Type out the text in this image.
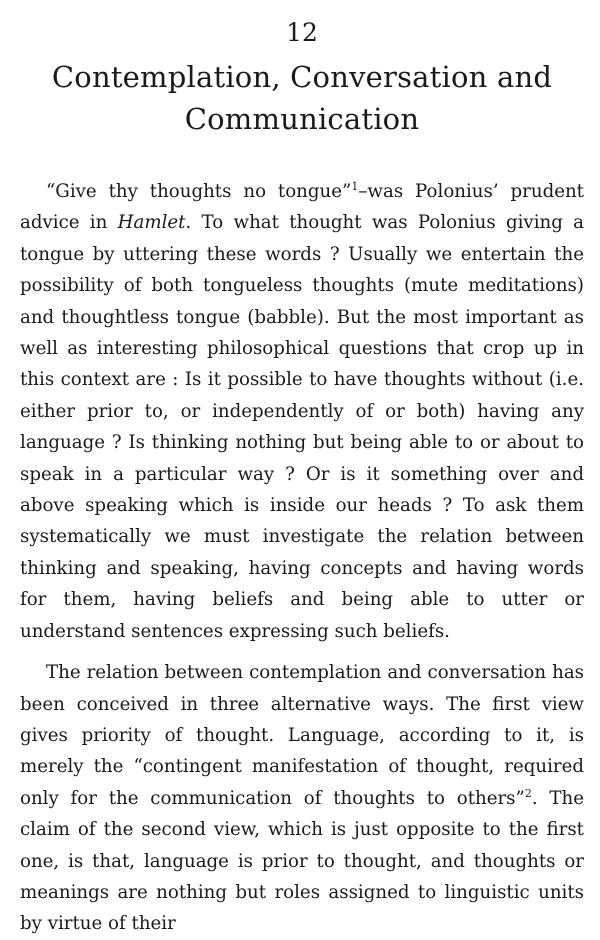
12
Contemplation, Conversation and Communication

“Give thy thoughts no tongue”$^1$–was Polonius’ prudent advice in Hamlet. To what thought was Polonius giving a tongue by uttering these words ? Usually we entertain the possibility of both tongueless thoughts (mute meditations) and thoughtless tongue (babble). But the most important as well as interesting philosophical questions that crop up in this context are : Is it possible to have thoughts without (i.e. either prior to, or independently of or both) having any language ? Is thinking nothing but being able to or about to speak in a particular way ? Or is it something over and above speaking which is inside our heads ? To ask them systematically we must investigate the relation between thinking and speaking, having concepts and having words for them, having beliefs and being able to utter or understand sentences expressing such beliefs.

The relation between contemplation and conversation has been conceived in three alternative ways. The first view gives priority of thought. Language, according to it, is merely the “contingent manifestation of thought, required only for the communication of thoughts to others”$^2$. The claim of the second view, which is just opposite to the first one, is that, language is prior to thought, and thoughts or meanings are nothing but roles assigned to linguistic units by virtue of their
